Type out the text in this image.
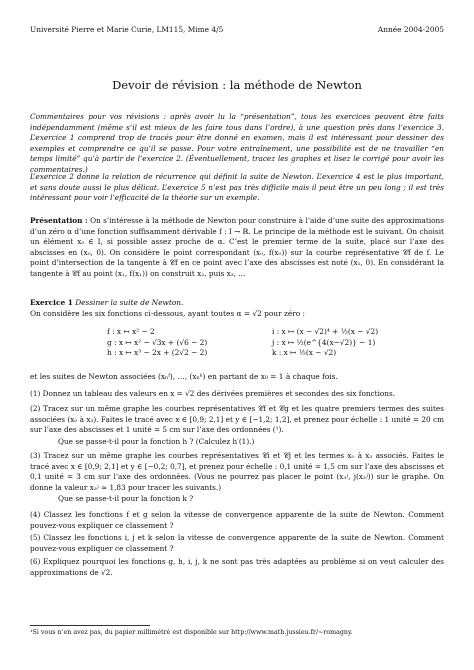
Université Pierre et Marie Curie, LM115, Mime 4/5	Année 2004-2005
Devoir de révision : la méthode de Newton
Commentaires pour vos révisions : après avoir lu la “présentation”, tous les exercices peuvent être faits indépendamment (même s’il est mieux de les faire tous dans l’ordre), à une question près dans l’exercice 3. L’exercice 1 comprend trop de tracés pour être donné en examen, mais il est intéressant pour dessiner des exemples et comprendre ce qu’il se passe. Pour votre entraînement, une possibilité est de ne travailler “en temps limité” qu’à partir de l’exercice 2. (Éventuellement, tracez les graphes et lisez le corrigé pour avoir les commentaires.)
L’exercice 2 donne la relation de récurrence qui définit la suite de Newton. L’exercice 4 est le plus important, et sans doute aussi le plus délicat. L’exercice 5 n’est pas très difficile mais il peut être un peu long ; il est très intéressant pour voir l’efficacité de la théorie sur un exemple.
Présentation : On s’intéresse à la méthode de Newton pour construire à l’aide d’une suite des approximations d’un zéro α d’une fonction suffisamment dérivable f : I → ℝ. Le principe de la méthode est le suivant. On choisit un élément x₀ ∈ I, si possible assez proche de α. C’est le premier terme de la suite, placé sur l’axe des abscisses en (x₀, 0). On considère le point correspondant (x₀, f(x₀)) sur la courbe représentative 𝒞f de f. Le point d’intersection de la tangente à 𝒞f en ce point avec l’axe des abscisses est noté (x₁, 0). En considérant la tangente à 𝒞f au point (x₁, f(x₁)) on construit x₂, puis x₃, ...
Exercice 1 Dessiner la suite de Newton.
On considère les six fonctions ci-dessous, ayant toutes α = √2 pour zéro :
f : x ↦ x² − 2
g : x ↦ x² − √3x + (√6 − 2)
h : x ↦ x³ − 2x + (2√2 − 2)
i : x ↦ (x − √2)⁴ + ½(x − √2)
j : x ↦ ½(e^{4(x−√2)} − 1)
k : x ↦ ½(x − √2)
et les suites de Newton associées (xₙᶠ), …, (xₙᵏ) en partant de x₀ = 1 à chaque fois.
(1) Donnez un tableau des valeurs en x = √2 des dérivées premières et secondes des six fonctions.
(2) Tracez sur un même graphe les courbes représentatives 𝒞f et 𝒞g et les quatre premiers termes des suites associées (x₀ à x₃). Faites le tracé avec x ∈ [0,9; 2,1] et y ∈ [−1,2; 1,2], et prenez pour échelle : 1 unité = 20 cm sur l’axe des abscisses et 1 unité = 5 cm sur l’axe des ordonnées (¹).
Que se passe-t-il pour la fonction h ? (Calculez h′(1).)
(3) Tracez sur un même graphe les courbes représentatives 𝒞i et 𝒞j et les termes x₀ à x₃ associés. Faites le tracé avec x ∈ [0,9; 2,1] et y ∈ [−0,2; 0,7], et prenez pour échelle : 0,1 unité = 1,5 cm sur l’axe des abscisses et 0,1 unité = 3 cm sur l’axe des ordonnées. (Vous ne pourrez pas placer le point (x₃ʲ, j(x₃ʲ)) sur le graphe. On donne la valeur x₃ʲ ≈ 1,83 pour tracer les suivants.)
Que se passe-t-il pour la fonction k ?
(4) Classez les fonctions f et g selon la vitesse de convergence apparente de la suite de Newton. Comment pouvez-vous expliquer ce classement ?
(5) Classez les fonctions i, j et k selon la vitesse de convergence apparente de la suite de Newton. Comment pouvez-vous expliquer ce classement ?
(6) Expliquez pourquoi les fonctions g, h, i, j, k ne sont pas très adaptées au problème si on veut calculer des approximations de √2.
¹Si vous n’en avez pas, du papier millimétré est disponible sur http://www.math.jussieu.fr/~romagny.
